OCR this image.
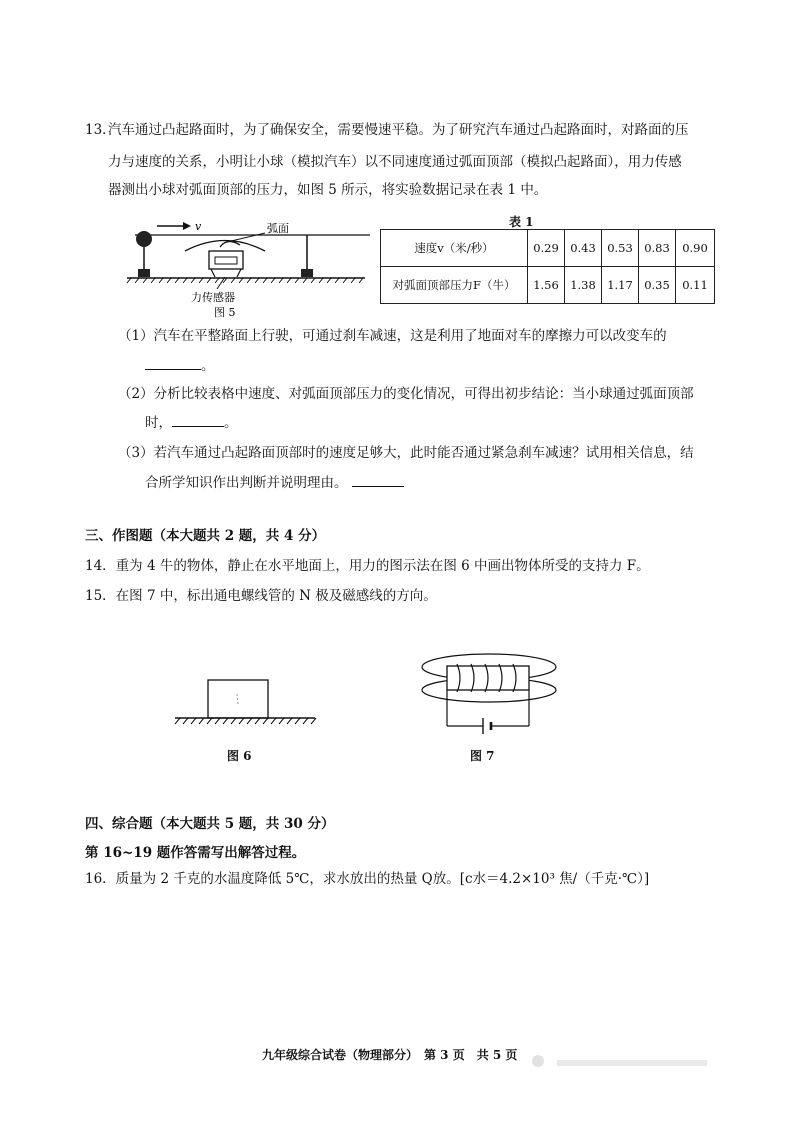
13．
汽车通过凸起路面时，为了确保安全，需要慢速平稳。为了研究汽车通过凸起路面时，对路面的压
力与速度的关系，小明让小球（模拟汽车）以不同速度通过弧面顶部（模拟凸起路面），用力传感
器测出小球对弧面顶部的压力，如图 5 所示，将实验数据记录在表 1 中。
v	弧面
力传感器
图 5
表 1
速度v（米/秒）	0.29	0.43	0.53	0.83	0.90
对弧面顶部压力F（牛）	1.56	1.38	1.17	0.35	0.11
（1）汽车在平整路面上行驶，可通过刹车减速，这是利用了地面对车的摩擦力可以改变车的
。
（2）分析比较表格中速度、对弧面顶部压力的变化情况，可得出初步结论：当小球通过弧面顶部
时，	。
（3）若汽车通过凸起路面顶部时的速度足够大，此时能否通过紧急刹车减速？试用相关信息，结
合所学知识作出判断并说明理由。
三、作图题（本大题共 2 题，共 4 分）
14．重为 4 牛的物体，静止在水平地面上，用力的图示法在图 6 中画出物体所受的支持力 F。
15．在图 7 中，标出通电螺线管的 N 极及磁感线的方向。
图 6	图 7
四、综合题（本大题共 5 题，共 30 分）
第 16~19 题作答需写出解答过程。
16．质量为 2 千克的水温度降低 5℃，求水放出的热量 Q放。[c水＝4.2×10³ 焦/（千克·℃）]
九年级综合试卷（物理部分）　第 3 页　共 5 页
